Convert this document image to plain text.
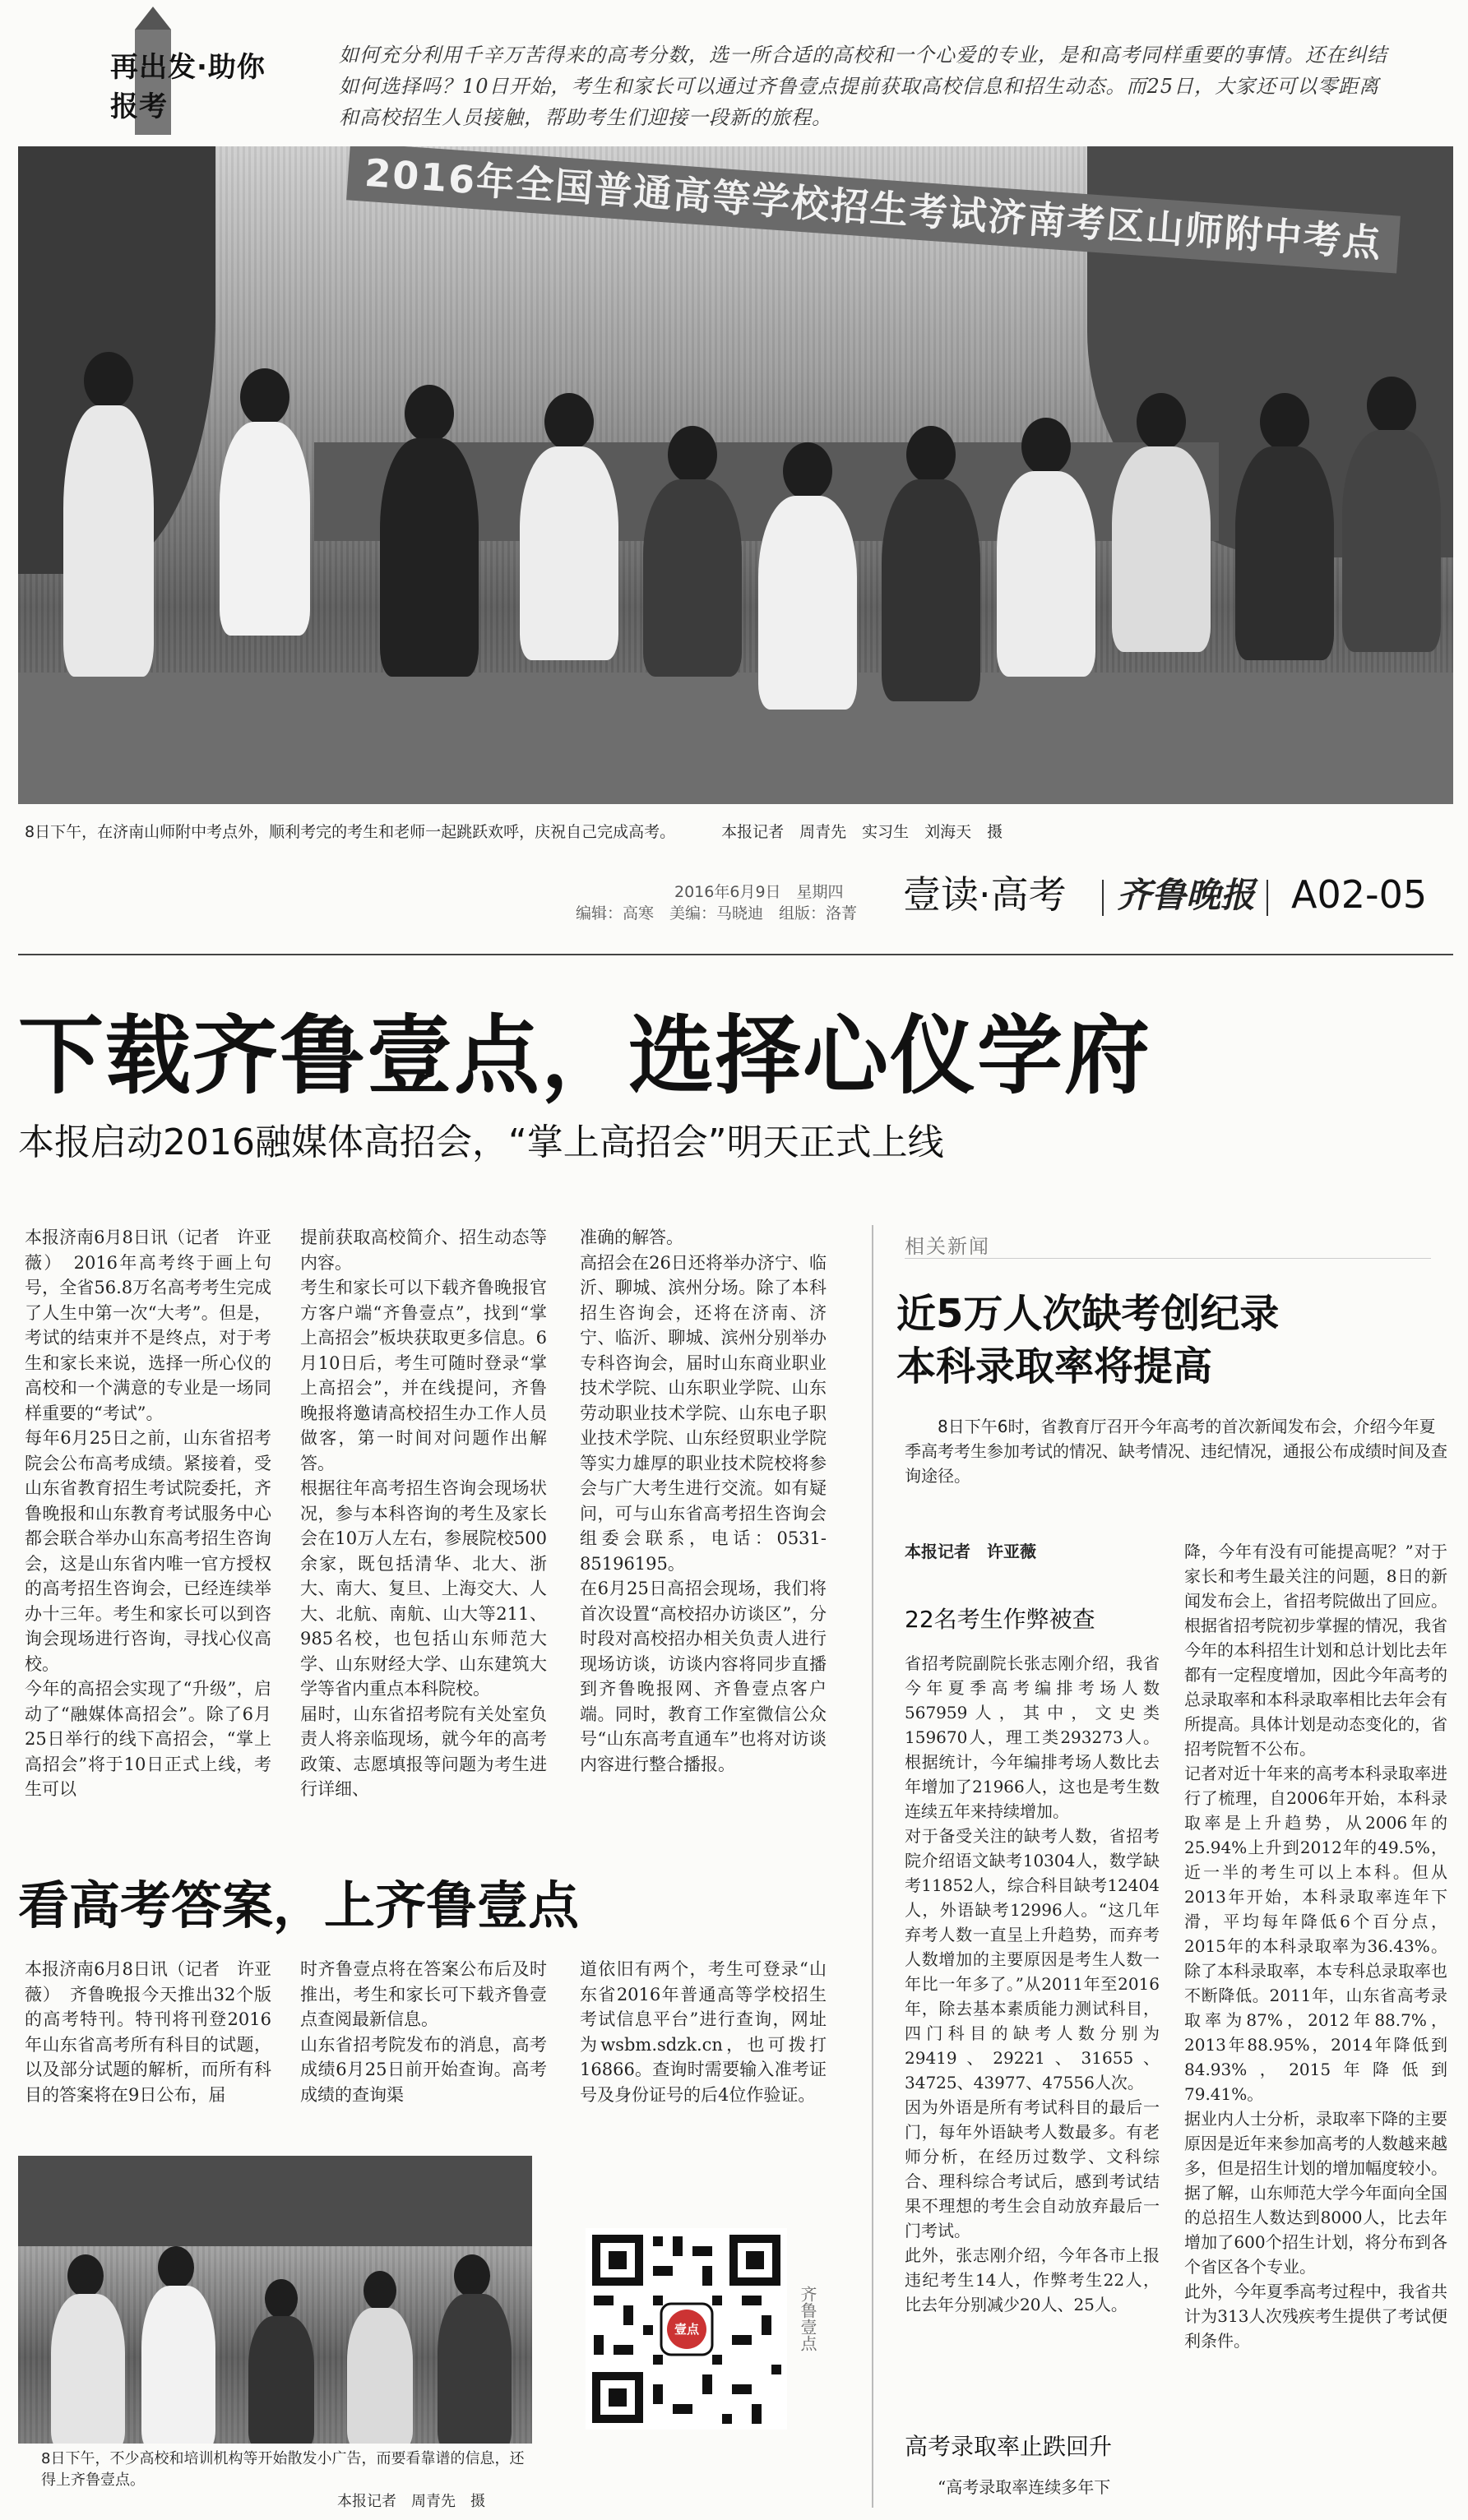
再出发·助你报考
如何充分利用千辛万苦得来的高考分数，选一所合适的高校和一个心爱的专业，是和高考同样重要的事情。还在纠结如何选择吗？10日开始，考生和家长可以通过齐鲁壹点提前获取高校信息和招生动态。而25日，大家还可以零距离和高校招生人员接触，帮助考生们迎接一段新的旅程。
2016年全国普通高等学校招生考试济南考区山师附中考点
8日下午，在济南山师附中考点外，顺利考完的考生和老师一起跳跃欢呼，庆祝自己完成高考。	本报记者　周青先　实习生　刘海天　摄
2016年6月9日　星期四
编辑：高寒　美编：马晓迪　组版：洛菁 壹读·高考 齐鲁晚报 A02-05
下载齐鲁壹点，选择心仪学府
本报启动2016融媒体高招会，“掌上高招会”明天正式上线
本报济南6月8日讯（记者　许亚薇）　2016年高考终于画上句号，全省56.8万名高考考生完成了人生中第一次“大考”。但是，考试的结束并不是终点，对于考生和家长来说，选择一所心仪的高校和一个满意的专业是一场同样重要的“考试”。
每年6月25日之前，山东省招考院会公布高考成绩。紧接着，受山东省教育招生考试院委托，齐鲁晚报和山东教育考试服务中心都会联合举办山东高考招生咨询会，这是山东省内唯一官方授权的高考招生咨询会，已经连续举办十三年。考生和家长可以到咨询会现场进行咨询，寻找心仪高校。
今年的高招会实现了“升级”，启动了“融媒体高招会”。除了6月25日举行的线下高招会，“掌上高招会”将于10日正式上线，考生可以
提前获取高校简介、招生动态等内容。
考生和家长可以下载齐鲁晚报官方客户端“齐鲁壹点”，找到“掌上高招会”板块获取更多信息。6月10日后，考生可随时登录“掌上高招会”，并在线提问，齐鲁晚报将邀请高校招生办工作人员做客，第一时间对问题作出解答。
根据往年高考招生咨询会现场状况，参与本科咨询的考生及家长会在10万人左右，参展院校500余家，既包括清华、北大、浙大、南大、复旦、上海交大、人大、北航、南航、山大等211、985名校，也包括山东师范大学、山东财经大学、山东建筑大学等省内重点本科院校。
届时，山东省招考院有关处室负责人将亲临现场，就今年的高考政策、志愿填报等问题为考生进行详细、
准确的解答。
高招会在26日还将举办济宁、临沂、聊城、滨州分场。除了本科招生咨询会，还将在济南、济宁、临沂、聊城、滨州分别举办专科咨询会，届时山东商业职业技术学院、山东职业学院、山东劳动职业技术学院、山东电子职业技术学院、山东经贸职业学院等实力雄厚的职业技术院校将参会与广大考生进行交流。如有疑问，可与山东省高考招生咨询会组委会联系，电话：0531-85196195。
在6月25日高招会现场，我们将首次设置“高校招办访谈区”，分时段对高校招办相关负责人进行现场访谈，访谈内容将同步直播到齐鲁晚报网、齐鲁壹点客户端。同时，教育工作室微信公众号“山东高考直通车”也将对访谈内容进行整合播报。
看高考答案，上齐鲁壹点
本报济南6月8日讯（记者　许亚薇）　齐鲁晚报今天推出32个版的高考特刊。特刊将刊登2016年山东省高考所有科目的试题，以及部分试题的解析，而所有科目的答案将在9日公布，届
时齐鲁壹点将在答案公布后及时推出，考生和家长可下载齐鲁壹点查阅最新信息。
山东省招考院发布的消息，高考成绩6月25日前开始查询。高考成绩的查询渠
道依旧有两个，考生可登录“山东省2016年普通高等学校招生考试信息平台”进行查询，网址为wsbm.sdzk.cn，也可拨打16866。查询时需要输入准考证号及身份证号的后4位作验证。
8日下午，不少高校和培训机构等开始散发小广告，而要看靠谱的信息，还得上齐鲁壹点。
本报记者　周青先　摄
壹点	齐鲁壹点
相关新闻
近5万人次缺考创纪录
本科录取率将提高
8日下午6时，省教育厅召开今年高考的首次新闻发布会，介绍今年夏季高考考生参加考试的情况、缺考情况、违纪情况，通报公布成绩时间及查询途径。
本报记者　许亚薇
22名考生作弊被查
省招考院副院长张志刚介绍，我省今年夏季高考编排考场人数567959人，其中，文史类159670人，理工类293273人。根据统计，今年编排考场人数比去年增加了21966人，这也是考生数连续五年来持续增加。
对于备受关注的缺考人数，省招考院介绍语文缺考10304人，数学缺考11852人，综合科目缺考12404人，外语缺考12996人。“这几年弃考人数一直呈上升趋势，而弃考人数增加的主要原因是考生人数一年比一年多了。”从2011年至2016年，除去基本素质能力测试科目，四门科目的缺考人数分别为29419、29221、31655、34725、43977、47556人次。
因为外语是所有考试科目的最后一门，每年外语缺考人数最多。有老师分析，在经历过数学、文科综合、理科综合考试后，感到考试结果不理想的考生会自动放弃最后一门考试。
此外，张志刚介绍，今年各市上报违纪考生14人，作弊考生22人，比去年分别减少20人、25人。
高考录取率止跌回升
“高考录取率连续多年下
降，今年有没有可能提高呢？”对于家长和考生最关注的问题，8日的新闻发布会上，省招考院做出了回应。
根据省招考院初步掌握的情况，我省今年的本科招生计划和总计划比去年都有一定程度增加，因此今年高考的总录取率和本科录取率相比去年会有所提高。具体计划是动态变化的，省招考院暂不公布。
记者对近十年来的高考本科录取率进行了梳理，自2006年开始，本科录取率是上升趋势，从2006年的25.94%上升到2012年的49.5%，近一半的考生可以上本科。但从2013年开始，本科录取率连年下滑，平均每年降低6个百分点，2015年的本科录取率为36.43%。除了本科录取率，本专科总录取率也不断降低。2011年，山东省高考录取率为87%，2012年88.7%，2013年88.95%，2014年降低到84.93%，2015年降低到79.41%。
据业内人士分析，录取率下降的主要原因是近年来参加高考的人数越来越多，但是招生计划的增加幅度较小。
据了解，山东师范大学今年面向全国的总招生人数达到8000人，比去年增加了600个招生计划，将分布到各个省区各个专业。
此外，今年夏季高考过程中，我省共计为313人次残疾考生提供了考试便利条件。
